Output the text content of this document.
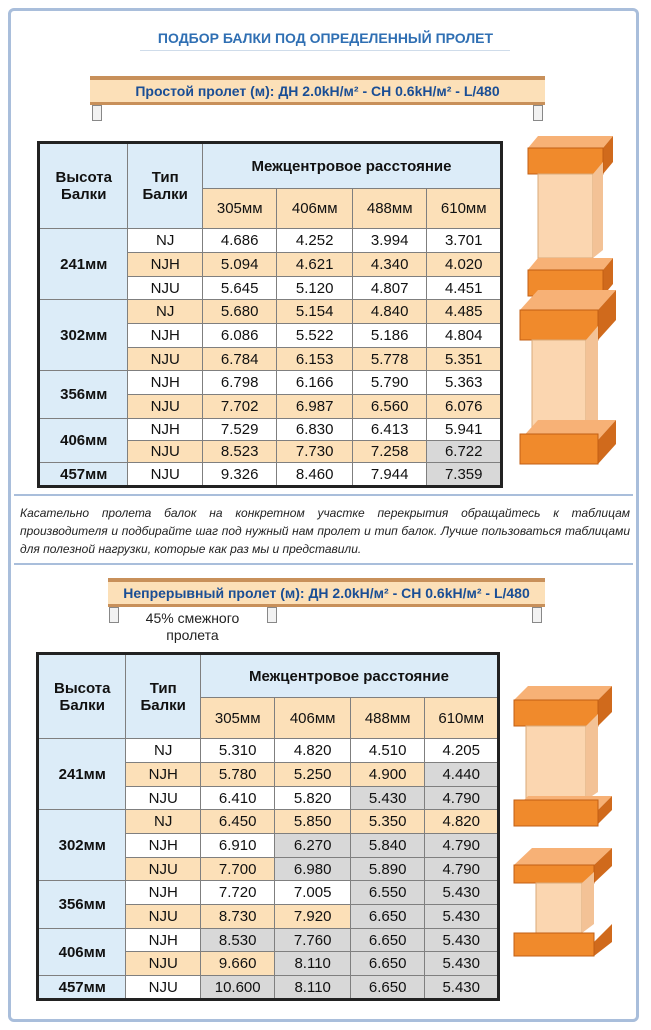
ПОДБОР БАЛКИ ПОД ОПРЕДЕЛЕННЫЙ ПРОЛЕТ
Простой пролет (м): ДН 2.0kH/м² - СН 0.6kH/м² - L/480
Высота Балки	Тип Балки	Межцентровое расстояние			
		305мм	406мм	488мм	610мм
241мм	NJ	4.686	4.252	3.994	3.701
	NJH	5.094	4.621	4.340	4.020
	NJU	5.645	5.120	4.807	4.451
302мм	NJ	5.680	5.154	4.840	4.485
	NJH	6.086	5.522	5.186	4.804
	NJU	6.784	6.153	5.778	5.351
356мм	NJH	6.798	6.166	5.790	5.363
	NJU	7.702	6.987	6.560	6.076
406мм	NJH	7.529	6.830	6.413	5.941
	NJU	8.523	7.730	7.258	6.722
457мм	NJU	9.326	8.460	7.944	7.359
Касательно пролета балок на конкретном участке перекрытия обращайтесь к таблицам производителя и подбирайте шаг под нужный нам пролет и тип балок. Лучше пользоваться таблицами для полезной нагрузки, которые как раз мы и представили.
Непрерывный пролет (м): ДН 2.0kH/м² - СН 0.6kH/м² - L/480
45% смежного пролета
Высота Балки	Тип Балки	Межцентровое расстояние			
		305мм	406мм	488мм	610мм
241мм	NJ	5.310	4.820	4.510	4.205
	NJH	5.780	5.250	4.900	4.440
	NJU	6.410	5.820	5.430	4.790
302мм	NJ	6.450	5.850	5.350	4.820
	NJH	6.910	6.270	5.840	4.790
	NJU	7.700	6.980	5.890	4.790
356мм	NJH	7.720	7.005	6.550	5.430
	NJU	8.730	7.920	6.650	5.430
406мм	NJH	8.530	7.760	6.650	5.430
	NJU	9.660	8.110	6.650	5.430
457мм	NJU	10.600	8.110	6.650	5.430
